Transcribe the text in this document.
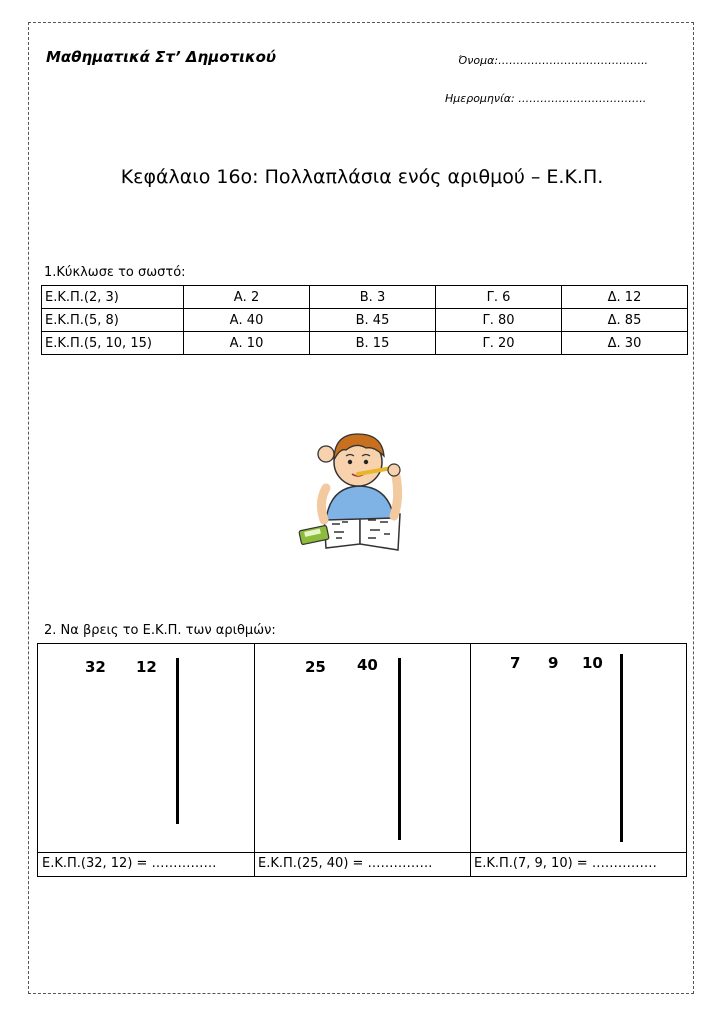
Μαθηματικά Στ’ Δημοτικού	Όνομα:…………………………………..
Ημερομηνία: ……………………………..
Κεφάλαιο 16ο: Πολλαπλάσια ενός αριθμού – Ε.Κ.Π.
1.Κύκλωσε το σωστό:
Ε.Κ.Π.(2, 3)	Α. 2	Β. 3	Γ. 6	Δ. 12
Ε.Κ.Π.(5, 8)	Α. 40	Β. 45	Γ. 80	Δ. 85
Ε.Κ.Π.(5, 10, 15)	Α. 10	Β. 15	Γ. 20	Δ. 30
2. Να βρεις το Ε.Κ.Π. των αριθμών:
32 12
Ε.Κ.Π.(32, 12) = ……………
25 40
Ε.Κ.Π.(25, 40) = ……………
7 9 10
Ε.Κ.Π.(7, 9, 10) = ……………
